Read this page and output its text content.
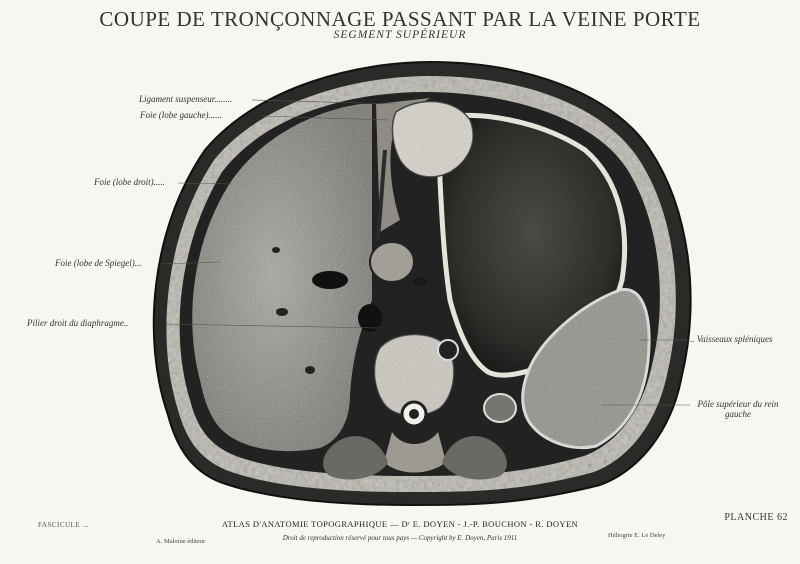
COUPE DE TRONÇONNAGE PASSANT PAR LA VEINE PORTE
SEGMENT SUPÉRIEUR
Ligament suspenseur........
Foie (lobe gauche)......
Foie (lobe droit).....
Foie (lobe de Spiegel)...
Pilier droit du diaphragme..
.. Vaisseaux spléniques
Pôle supérieur du rein
gauche
FASCICULE ...	ATLAS D'ANATOMIE TOPOGRAPHIQUE — Dʳ E. DOYEN - J.-P. BOUCHON - R. DOYEN
Droit de reproduction réservé pour tous pays — Copyright by E. Doyen, Paris 1911
A. Maloine éditeur
Héliogrie E. Le Deley
PLANCHE 62
